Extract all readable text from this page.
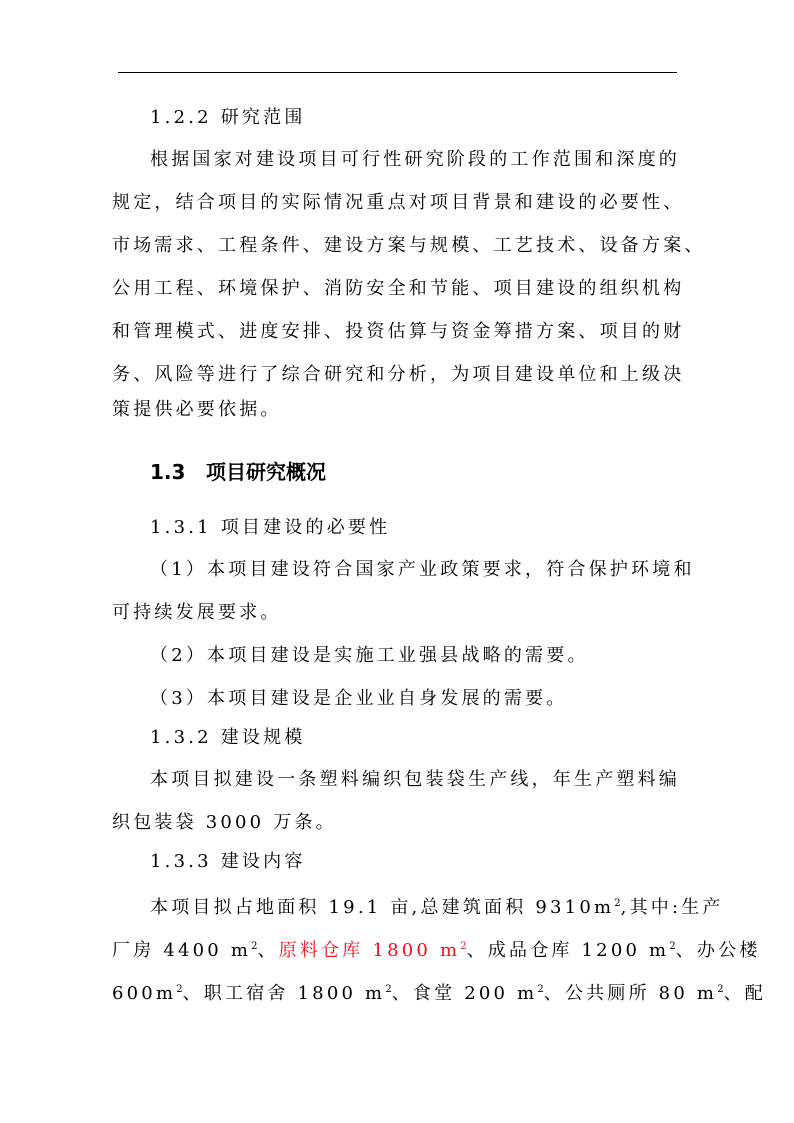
1.2.2 研究范围
根据国家对建设项目可行性研究阶段的工作范围和深度的
规定，结合项目的实际情况重点对项目背景和建设的必要性、
市场需求、工程条件、建设方案与规模、工艺技术、设备方案、
公用工程、环境保护、消防安全和节能、项目建设的组织机构
和管理模式、进度安排、投资估算与资金筹措方案、项目的财
务、风险等进行了综合研究和分析，为项目建设单位和上级决
策提供必要依据。
1.3 项目研究概况
1.3.1 项目建设的必要性
（1）本项目建设符合国家产业政策要求，符合保护环境和
可持续发展要求。
（2）本项目建设是实施工业强县战略的需要。
（3）本项目建设是企业业自身发展的需要。
1.3.2 建设规模
本项目拟建设一条塑料编织包装袋生产线，年生产塑料编
织包装袋 3000 万条。
1.3.3 建设内容
本项目拟占地面积 19.1 亩,总建筑面积 $9310m^2$,其中:生产
厂房 4400 $m^2$、原料仓库 1800 $m^2$、成品仓库 1200 $m^2$、办公楼
$600m^2$、职工宿舍 1800 $m^2$、食堂 200 $m^2$、公共厕所 80 $m^2$、配
